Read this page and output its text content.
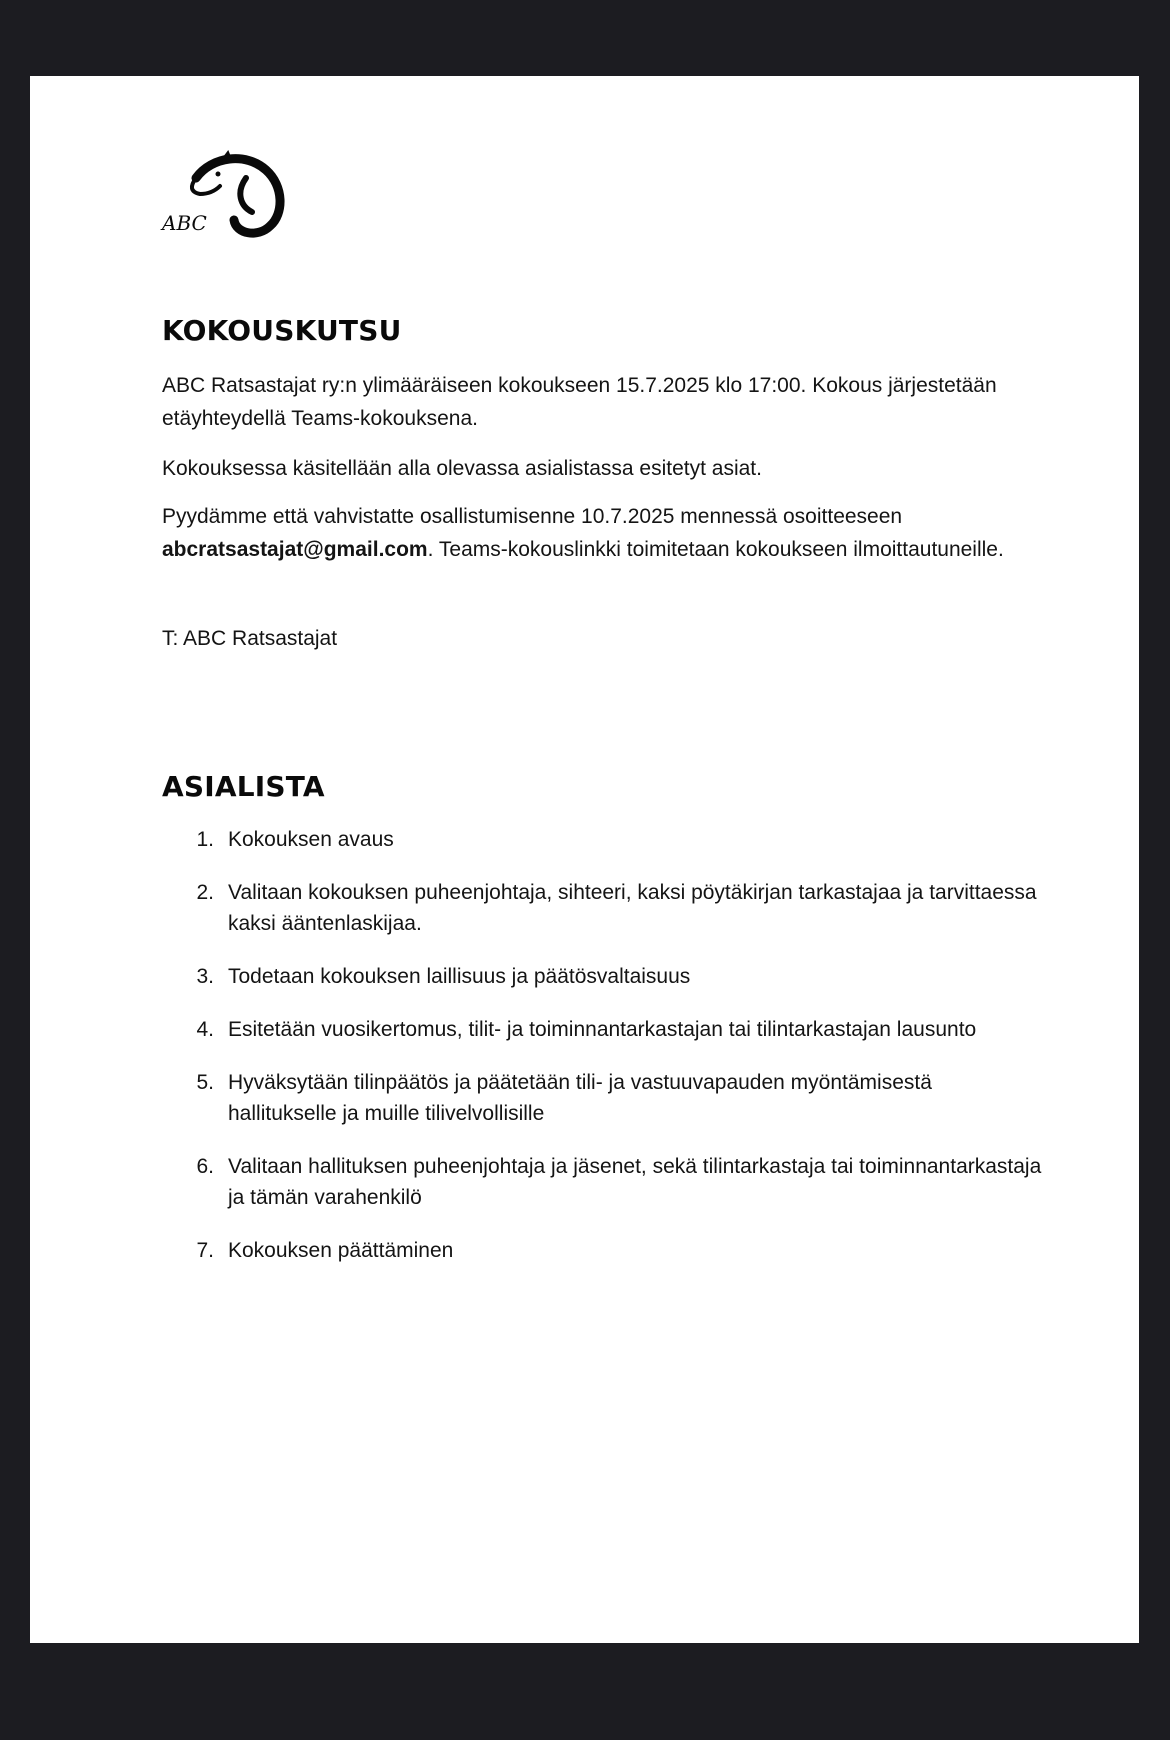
ABC
KOKOUSKUTSU

ABC Ratsastajat ry:n ylimääräiseen kokoukseen 15.7.2025 klo 17:00. Kokous järjestetään etäyhteydellä Teams-kokouksena.

Kokouksessa käsitellään alla olevassa asialistassa esitetyt asiat.

Pyydämme että vahvistatte osallistumisenne 10.7.2025 mennessä osoitteeseen abcratsastajat@gmail.com. Teams-kokouslinkki toimitetaan kokoukseen ilmoittautuneille.

T: ABC Ratsastajat

ASIALISTA
1. Kokouksen avaus
2. Valitaan kokouksen puheenjohtaja, sihteeri, kaksi pöytäkirjan tarkastajaa ja tarvittaessa kaksi ääntenlaskijaa.
3. Todetaan kokouksen laillisuus ja päätösvaltaisuus
4. Esitetään vuosikertomus, tilit- ja toiminnantarkastajan tai tilintarkastajan lausunto
5. Hyväksytään tilinpäätös ja päätetään tili- ja vastuuvapauden myöntämisestä hallitukselle ja muille tilivelvollisille
6. Valitaan hallituksen puheenjohtaja ja jäsenet, sekä tilintarkastaja tai toiminnantarkastaja ja tämän varahenkilö
7. Kokouksen päättäminen
